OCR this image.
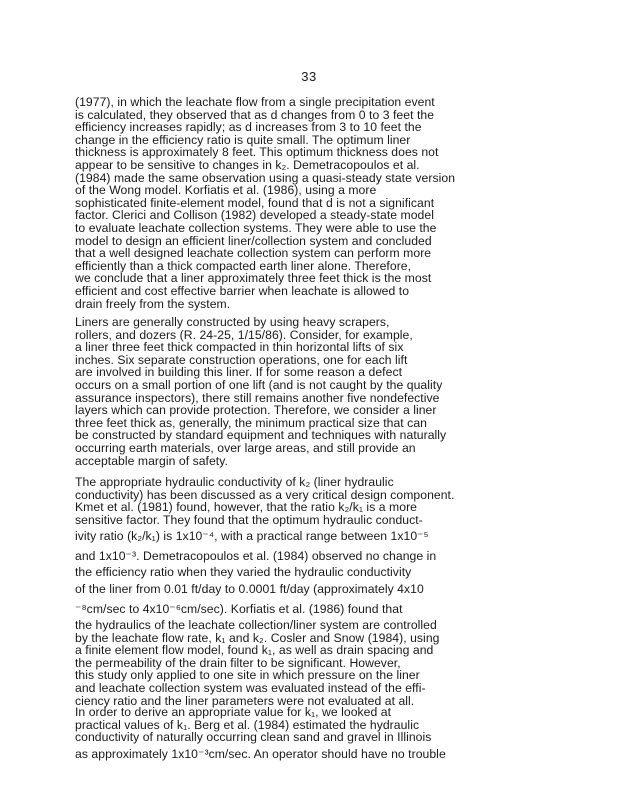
33
(1977), in which the leachate flow from a single precipitation event
is calculated, they observed that as d changes from 0 to 3 feet the
efficiency increases rapidly; as d increases from 3 to 10 feet the
change in the efficiency ratio is quite small. The optimum liner
thickness is approximately 8 feet. This optimum thickness does not
appear to be sensitive to changes in k₂. Demetracopoulos et al.
(1984) made the same observation using a quasi-steady state version
of the Wong model. Korfiatis et al. (1986), using a more
sophisticated finite-element model, found that d is not a significant
factor. Clerici and Collison (1982) developed a steady-state model
to evaluate leachate collection systems. They were able to use the
model to design an efficient liner/collection system and concluded
that a well designed leachate collection system can perform more
efficiently than a thick compacted earth liner alone. Therefore,
we conclude that a liner approximately three feet thick is the most
efficient and cost effective barrier when leachate is allowed to
drain freely from the system.
Liners are generally constructed by using heavy scrapers,
rollers, and dozers (R. 24-25, 1/15/86). Consider, for example,
a liner three feet thick compacted in thin horizontal lifts of six
inches. Six separate construction operations, one for each lift
are involved in building this liner. If for some reason a defect
occurs on a small portion of one lift (and is not caught by the quality
assurance inspectors), there still remains another five nondefective
layers which can provide protection. Therefore, we consider a liner
three feet thick as, generally, the minimum practical size that can
be constructed by standard equipment and techniques with naturally
occurring earth materials, over large areas, and still provide an
acceptable margin of safety.
The appropriate hydraulic conductivity of k₂ (liner hydraulic
conductivity) has been discussed as a very critical design component.
Kmet et al. (1981) found, however, that the ratio k₂/k₁ is a more
sensitive factor. They found that the optimum hydraulic conduct-
ivity ratio (k₂/k₁) is 1x10⁻⁴, with a practical range between 1x10⁻⁵
and 1x10⁻³. Demetracopoulos et al. (1984) observed no change in
the efficiency ratio when they varied the hydraulic conductivity
of the liner from 0.01 ft/day to 0.0001 ft/day (approximately 4x10
⁻⁸cm/sec to 4x10⁻⁶cm/sec). Korfiatis et al. (1986) found that
the hydraulics of the leachate collection/liner system are controlled
by the leachate flow rate, k₁ and k₂. Cosler and Snow (1984), using
a finite element flow model, found k₁, as well as drain spacing and
the permeability of the drain filter to be significant. However,
this study only applied to one site in which pressure on the liner
and leachate collection system was evaluated instead of the effi-
ciency ratio and the liner parameters were not evaluated at all.
In order to derive an appropriate value for k₁, we looked at
practical values of k₁. Berg et al. (1984) estimated the hydraulic
conductivity of naturally occurring clean sand and gravel in Illinois
as approximately 1x10⁻³cm/sec. An operator should have no trouble
